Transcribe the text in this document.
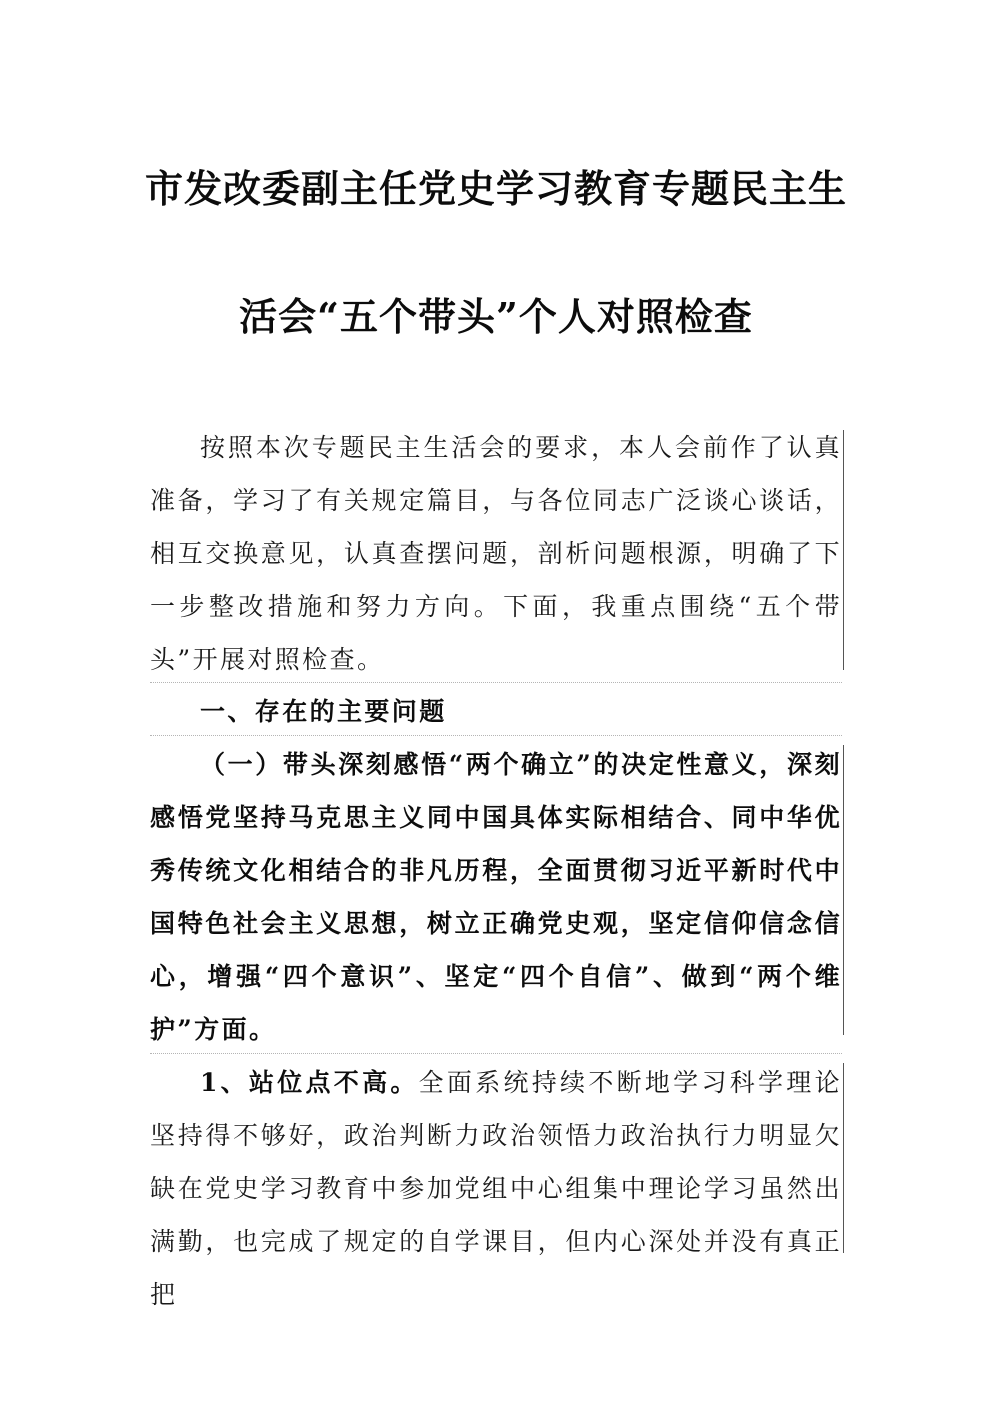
市发改委副主任党史学习教育专题民主生
活会“五个带头”个人对照检查
按照本次专题民主生活会的要求，本人会前作了认真准备，学习了有关规定篇目，与各位同志广泛谈心谈话，相互交换意见，认真查摆问题，剖析问题根源，明确了下一步整改措施和努力方向。下面，我重点围绕“五个带头”开展对照检查。
一、存在的主要问题
（一）带头深刻感悟“两个确立”的决定性意义，深刻感悟党坚持马克思主义同中国具体实际相结合、同中华优秀传统文化相结合的非凡历程，全面贯彻习近平新时代中国特色社会主义思想，树立正确党史观，坚定信仰信念信心，增强“四个意识”、坚定“四个自信”、做到“两个维护”方面。
1、站位点不高。全面系统持续不断地学习科学理论坚持得不够好，政治判断力政治领悟力政治执行力明显欠缺在党史学习教育中参加党组中心组集中理论学习虽然出满勤，也完成了规定的自学课目，但内心深处并没有真正把
